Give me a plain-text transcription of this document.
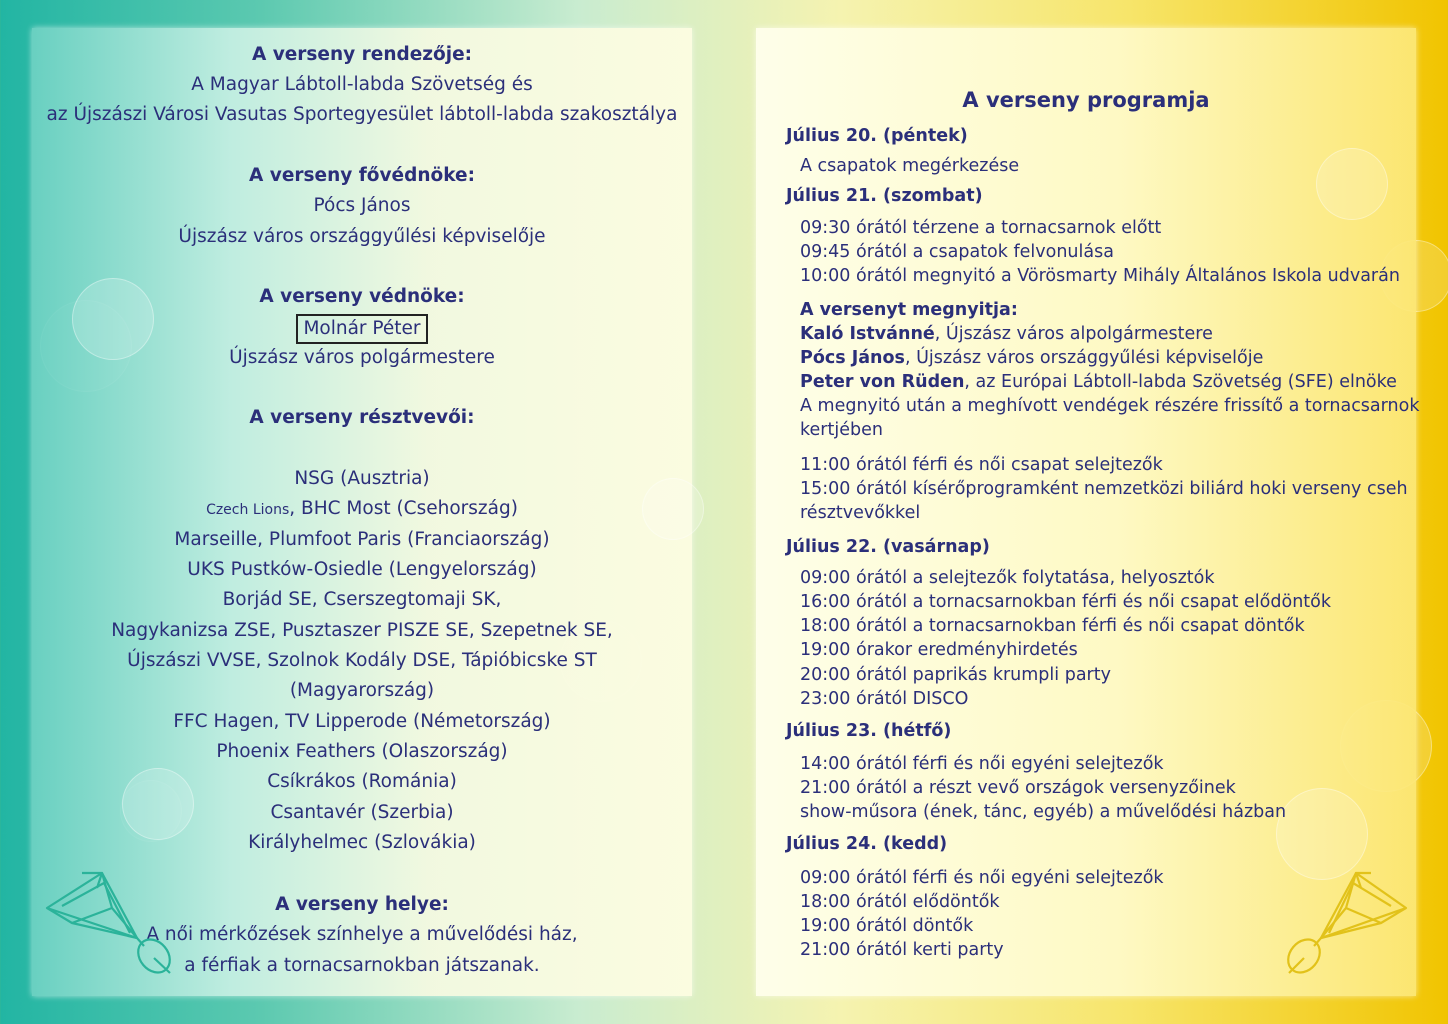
A verseny rendezője:
A Magyar Lábtoll-labda Szövetség és
az Újszászi Városi Vasutas Sportegyesület lábtoll-labda szakosztálya
A verseny fővédnöke:
Pócs János
Újszász város országgyűlési képviselője
A verseny védnöke:
Molnár Péter
Újszász város polgármestere
A verseny résztvevői:
NSG (Ausztria)
Czech Lions, BHC Most (Csehország)
Marseille, Plumfoot Paris (Franciaország)
UKS Pustków-Osiedle (Lengyelország)
Borjád SE, Cserszegtomaji SK,
Nagykanizsa ZSE, Pusztaszer PISZE SE, Szepetnek SE,
Újszászi VVSE, Szolnok Kodály DSE, Tápióbicske ST
(Magyarország)
FFC Hagen, TV Lipperode (Németország)
Phoenix Feathers (Olaszország)
Csíkrákos (Románia)
Csantavér (Szerbia)
Királyhelmec (Szlovákia)
A verseny helye:
A női mérkőzések színhelye a művelődési ház,
a férfiak a tornacsarnokban játszanak.
A verseny programja
Július 20. (péntek)
A csapatok megérkezése
Július 21. (szombat)
09:30 órától térzene a tornacsarnok előtt
09:45 órától a csapatok felvonulása
10:00 órától megnyitó a Vörösmarty Mihály Általános Iskola udvarán
A versenyt megnyitja:
Kaló Istvánné, Újszász város alpolgármestere
Pócs János, Újszász város országgyűlési képviselője
Peter von Rüden, az Európai Lábtoll-labda Szövetség (SFE) elnöke
A megnyitó után a meghívott vendégek részére frissítő a tornacsarnok
kertjében
11:00 órától férfi és női csapat selejtezők
15:00 órától kísérőprogramként nemzetközi biliárd hoki verseny cseh
résztvevőkkel
Július 22. (vasárnap)
09:00 órától a selejtezők folytatása, helyosztók
16:00 órától a tornacsarnokban férfi és női csapat elődöntők
18:00 órától a tornacsarnokban férfi és női csapat döntők
19:00 órakor eredményhirdetés
20:00 órától paprikás krumpli party
23:00 órától DISCO
Július 23. (hétfő)
14:00 órától férfi és női egyéni selejtezők
21:00 órától a részt vevő országok versenyzőinek
show-műsora (ének, tánc, egyéb) a művelődési házban
Július 24. (kedd)
09:00 órától férfi és női egyéni selejtezők
18:00 órától elődöntők
19:00 órától döntők
21:00 órától kerti party
